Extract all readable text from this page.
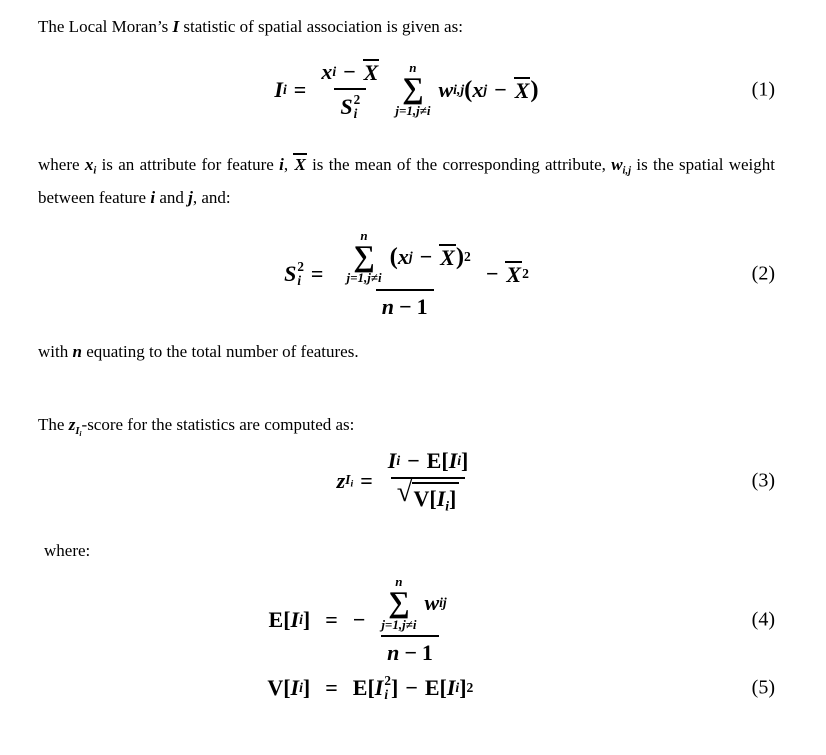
The Local Moran’s I statistic of spatial association is given as:

I i = x i − X
S 2
i n
∑
j=1,j≠i
w i,j ( x j − X )	(1)

where $x_i$ is an attribute for feature i, X is the mean of the corresponding attribute, $w_{i,j}$ is the spatial weight between feature i and j, and:

S 2
i = n
∑
j=1,j≠i
( x j − X ) 2
n − 1 − X 2	(2)

with n equating to the total number of features.

The $z_{I_i}$-score for the statistics are computed as:

z $I_i = \frac{\text{I i − E [ I i ]}}{√ V[I_i]}$	(3)

where:

E [ I i ] = − n
∑
j=1,j≠i
w ij
n − 1	(4)
V [ I i ] = E [ I 2
i ] − E [ I i ] 2	(5)
